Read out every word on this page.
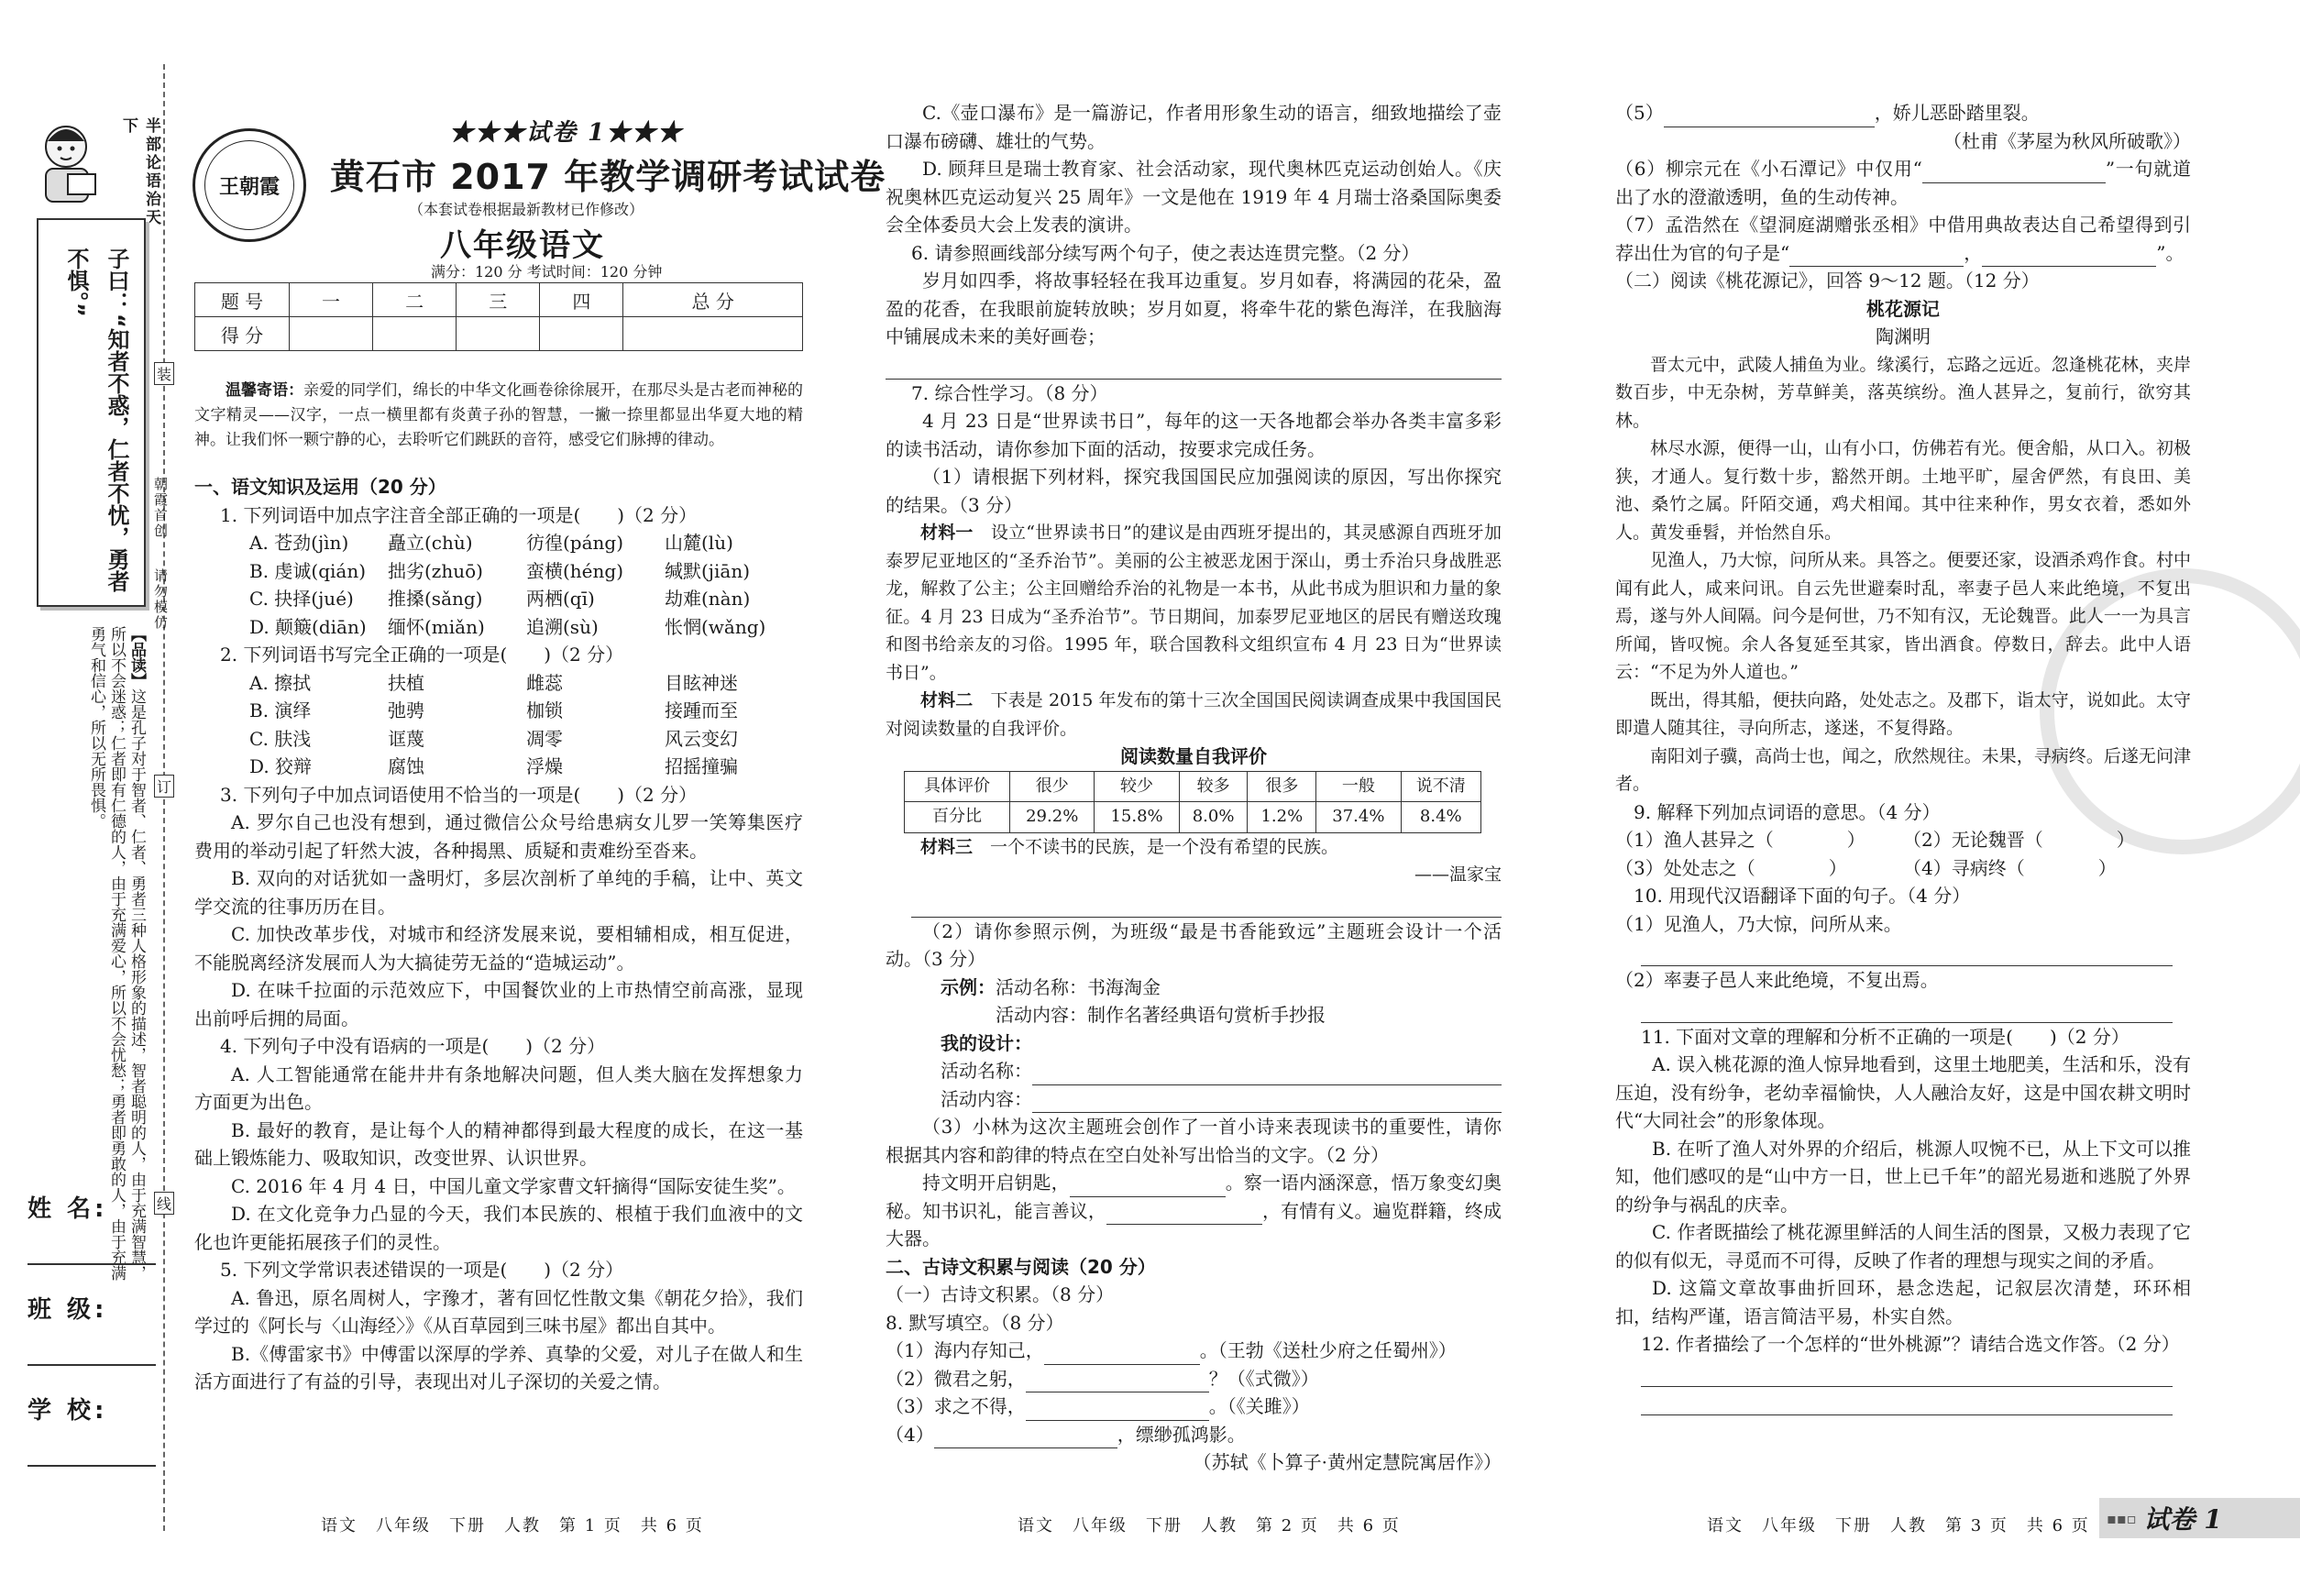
半部论语治天下
子曰：“知者不惑，仁者不忧，勇者不惧。”
【品读】这是孔子对于智者、仁者、勇者三种人格形象的描述，智者聪明的人，由于充满智慧，所以不会迷惑；仁者即有仁德的人，由于充满爱心，所以不会忧愁；勇者即勇敢的人，由于充满勇气和信心，所以无所畏惧。
姓 名:
班 级:
学 校:
装
订
线
朝霞首创
请勿模仿
王朝霞
★★★试卷 1★★★
黄石市 2017 年教学调研考试试卷
（本套试卷根据最新教材已作修改）
八年级语文
满分：120 分 考试时间：120 分钟
题 号	一	二	三	四	总 分
得 分					

温馨寄语：亲爱的同学们，绵长的中华文化画卷徐徐展开，在那尽头是古老而神秘的文字精灵——汉字，一点一横里都有炎黄子孙的智慧，一撇一捺里都显出华夏大地的精神。让我们怀一颗宁静的心，去聆听它们跳跃的音符，感受它们脉搏的律动。

一、语文知识及运用（20 分）

1. 下列词语中加点字注音全部正确的一项是(　　)（2 分）

A. 苍劲(jìn)	矗立(chù)	彷徨(páng)	山麓(lù)
B. 虔诚(qián)	拙劣(zhuō)	蛮横(héng)	缄默(jiān)
C. 抉择(jué)	推搡(sǎng)	两栖(qī)	劫难(nàn)
D. 颠簸(diān)	缅怀(miǎn)	追溯(sù)	怅惘(wǎng)

2. 下列词语书写完全正确的一项是(　　)（2 分）

A. 擦拭	扶植	雌蕊	目眩神迷
B. 演绎	弛骋	枷锁	接踵而至
C. 肤浅	诓蔑	凋零	风云变幻
D. 狡辩	腐蚀	浮燥	招摇撞骗

3. 下列句子中加点词语使用不恰当的一项是(　　)（2 分）

A. 罗尔自己也没有想到，通过微信公众号给患病女儿罗一笑筹集医疗费用的举动引起了轩然大波，各种揭黑、质疑和责难纷至沓来。

B. 双向的对话犹如一盏明灯，多层次剖析了单纯的手稿，让中、英文学交流的往事历历在目。

C. 加快改革步伐，对城市和经济发展来说，要相辅相成，相互促进，不能脱离经济发展而人为大搞徒劳无益的“造城运动”。

D. 在味千拉面的示范效应下，中国餐饮业的上市热情空前高涨，显现出前呼后拥的局面。

4. 下列句子中没有语病的一项是(　　)（2 分）

A. 人工智能通常在能井井有条地解决问题，但人类大脑在发挥想象力方面更为出色。

B. 最好的教育，是让每个人的精神都得到最大程度的成长，在这一基础上锻炼能力、吸取知识，改变世界、认识世界。

C. 2016 年 4 月 4 日，中国儿童文学家曹文轩摘得“国际安徒生奖”。

D. 在文化竞争力凸显的今天，我们本民族的、根植于我们血液中的文化也许更能拓展孩子们的灵性。

5. 下列文学常识表述错误的一项是(　　)（2 分）

A. 鲁迅，原名周树人，字豫才，著有回忆性散文集《朝花夕拾》，我们学过的《阿长与〈山海经〉》《从百草园到三味书屋》都出自其中。

B.《傅雷家书》中傅雷以深厚的学养、真挚的父爱，对儿子在做人和生活方面进行了有益的引导，表现出对儿子深切的关爱之情。

语文　八年级　下册　人教　第 1 页　共 6 页

C.《壶口瀑布》是一篇游记，作者用形象生动的语言，细致地描绘了壶口瀑布磅礴、雄壮的气势。

D. 顾拜旦是瑞士教育家、社会活动家，现代奥林匹克运动创始人。《庆祝奥林匹克运动复兴 25 周年》一文是他在 1919 年 4 月瑞士洛桑国际奥委会全体委员大会上发表的演讲。

6. 请参照画线部分续写两个句子，使之表达连贯完整。（2 分）

岁月如四季，将故事轻轻在我耳边重复。岁月如春，将满园的花朵，盈盈的花香，在我眼前旋转放映；岁月如夏，将牵牛花的紫色海洋，在我脑海中铺展成未来的美好画卷；

7. 综合性学习。（8 分）

4 月 23 日是“世界读书日”，每年的这一天各地都会举办各类丰富多彩的读书活动，请你参加下面的活动，按要求完成任务。

（1）请根据下列材料，探究我国国民应加强阅读的原因，写出你探究的结果。（3 分）

材料一　 设立“世界读书日”的建议是由西班牙提出的，其灵感源自西班牙加泰罗尼亚地区的“圣乔治节”。美丽的公主被恶龙困于深山，勇士乔治只身战胜恶龙，解救了公主；公主回赠给乔治的礼物是一本书，从此书成为胆识和力量的象征。4 月 23 日成为“圣乔治节”。节日期间，加泰罗尼亚地区的居民有赠送玫瑰和图书给亲友的习俗。1995 年，联合国教科文组织宣布 4 月 23 日为“世界读书日”。

材料二　 下表是 2015 年发布的第十三次全国国民阅读调查成果中我国国民对阅读数量的自我评价。

阅读数量自我评价

具体评价	很少	较少	较多	很多	一般	说不清
百分比	29.2%	15.8%	8.0%	1.2%	37.4%	8.4%

材料三　 一个不读书的民族，是一个没有希望的民族。

——温家宝

（2）请你参照示例，为班级“最是书香能致远”主题班会设计一个活动。（3 分）

示例：活动名称：书海淘金

活动内容：制作名著经典语句赏析手抄报

我的设计：

活动名称：

活动内容：

（3）小林为这次主题班会创作了一首小诗来表现读书的重要性，请你根据其内容和韵律的特点在空白处补写出恰当的文字。（2 分）

持文明开启钥匙，	。察一语内涵深意，悟万象变幻奥秘。知书识礼，能言善议，	，有情有义。遍览群籍，终成大器。

二、古诗文积累与阅读（20 分）

（一）古诗文积累。（8 分）

8. 默写填空。（8 分）

（1）海内存知己，	。（王勃《送杜少府之任蜀州》）

（2）微君之躬，	？（《式微》）

（3）求之不得，	。（《关雎》）

（4）	，缥缈孤鸿影。

（苏轼《卜算子·黄州定慧院寓居作》）

语文　八年级　下册　人教　第 2 页　共 6 页

（5）	，娇儿恶卧踏里裂。

（杜甫《茅屋为秋风所破歌》）

（6）柳宗元在《小石潭记》中仅用“	”一句就道出了水的澄澈透明，鱼的生动传神。

（7）孟浩然在《望洞庭湖赠张丞相》中借用典故表达自己希望得到引荐出仕为官的句子是“	，	”。

（二）阅读《桃花源记》，回答 9～12 题。（12 分）

桃花源记

陶渊明

晋太元中，武陵人捕鱼为业。缘溪行，忘路之远近。忽逢桃花林，夹岸数百步，中无杂树，芳草鲜美，落英缤纷。渔人甚异之，复前行，欲穷其林。

林尽水源，便得一山，山有小口，仿佛若有光。便舍船，从口入。初极狭，才通人。复行数十步，豁然开朗。土地平旷，屋舍俨然，有良田、美池、桑竹之属。阡陌交通，鸡犬相闻。其中往来种作，男女衣着，悉如外人。黄发垂髫，并怡然自乐。

见渔人，乃大惊，问所从来。具答之。便要还家，设酒杀鸡作食。村中闻有此人，咸来问讯。自云先世避秦时乱，率妻子邑人来此绝境，不复出焉，遂与外人间隔。问今是何世，乃不知有汉，无论魏晋。此人一一为具言所闻，皆叹惋。余人各复延至其家，皆出酒食。停数日，辞去。此中人语云：“不足为外人道也。”

既出，得其船，便扶向路，处处志之。及郡下，诣太守，说如此。太守即遣人随其往，寻向所志，遂迷，不复得路。

南阳刘子骥，高尚士也，闻之，欣然规往。未果，寻病终。后遂无问津者。

9. 解释下列加点词语的意思。（4 分）

（1）渔人甚异之（　　　　）	（2）无论魏晋（　　　　）
（3）处处志之（　　　　）	（4）寻病终（　　　　）

10. 用现代汉语翻译下面的句子。（4 分）

（1）见渔人，乃大惊，问所从来。

（2）率妻子邑人来此绝境，不复出焉。

11. 下面对文章的理解和分析不正确的一项是(　　)（2 分）

A. 误入桃花源的渔人惊异地看到，这里土地肥美，生活和乐，没有压迫，没有纷争，老幼幸福愉快，人人融洽友好，这是中国农耕文明时代“大同社会”的形象体现。

B. 在听了渔人对外界的介绍后，桃源人叹惋不已，从上下文可以推知，他们感叹的是“山中方一日，世上已千年”的韶光易逝和逃脱了外界的纷争与祸乱的庆幸。

C. 作者既描绘了桃花源里鲜活的人间生活的图景，又极力表现了它的似有似无，寻觅而不可得，反映了作者的理想与现实之间的矛盾。

D. 这篇文章故事曲折回环，悬念迭起，记叙层次清楚，环环相扣，结构严谨，语言简洁平易，朴实自然。

12. 作者描绘了一个怎样的“世外桃源”？请结合选文作答。（2 分）

语文　八年级　下册　人教　第 3 页　共 6 页 ▪▪▫ 试卷 1
